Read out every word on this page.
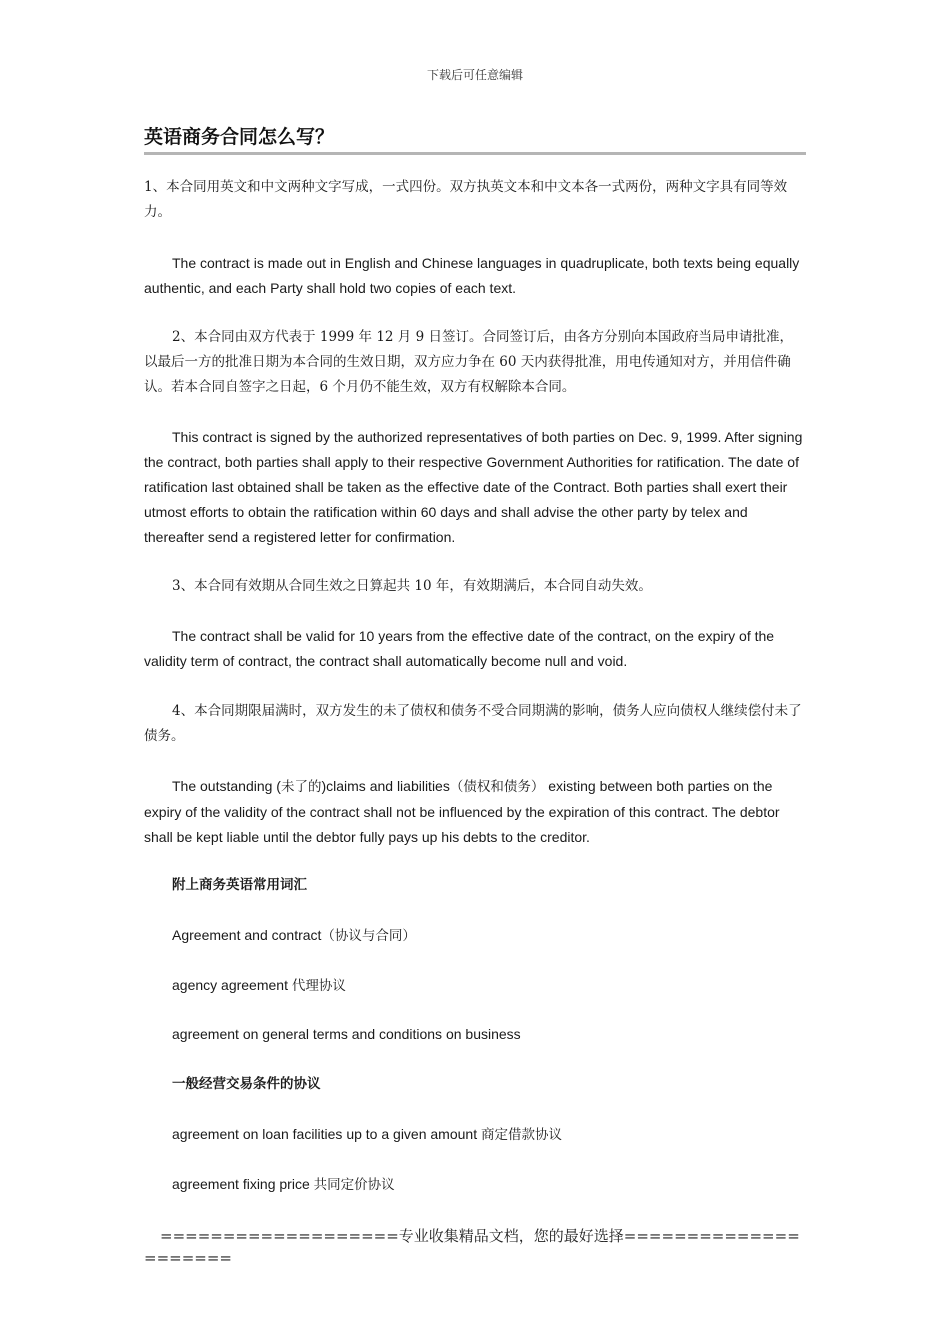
下载后可任意编辑
英语商务合同怎么写？

1、本合同用英文和中文两种文字写成，一式四份。双方执英文本和中文本各一式两份，两种文字具有同等效力。

The contract is made out in English and Chinese languages in quadruplicate, both texts being equally authentic, and each Party shall hold two copies of each text.

2、本合同由双方代表于 1999 年 12 月 9 日签订。合同签订后，由各方分别向本国政府当局申请批准，以最后一方的批准日期为本合同的生效日期，双方应力争在 60 天内获得批准，用电传通知对方，并用信件确认。若本合同自签字之日起，6 个月仍不能生效，双方有权解除本合同。

This contract is signed by the authorized representatives of both parties on Dec. 9, 1999. After signing the contract, both parties shall apply to their respective Government Authorities for ratification. The date of ratification last obtained shall be taken as the effective date of the Contract. Both parties shall exert their utmost efforts to obtain the ratification within 60 days and shall advise the other party by telex and thereafter send a registered letter for confirmation.

3、本合同有效期从合同生效之日算起共 10 年，有效期满后，本合同自动失效。

The contract shall be valid for 10 years from the effective date of the contract, on the expiry of the validity term of contract, the contract shall automatically become null and void.

4、本合同期限届满时，双方发生的未了债权和债务不受合同期满的影响，债务人应向债权人继续偿付未了债务。

The outstanding (未了的)claims and liabilities（债权和债务） existing between both parties on the expiry of the validity of the contract shall not be influenced by the expiration of this contract. The debtor shall be kept liable until the debtor fully pays up his debts to the creditor.

附上商务英语常用词汇

Agreement and contract（协议与合同）

agency agreement 代理协议

agreement on general terms and conditions on business

一般经营交易条件的协议

agreement on loan facilities up to a given amount 商定借款协议

agreement fixing price 共同定价协议

===================专业收集精品文档，您的最好选择=====================
